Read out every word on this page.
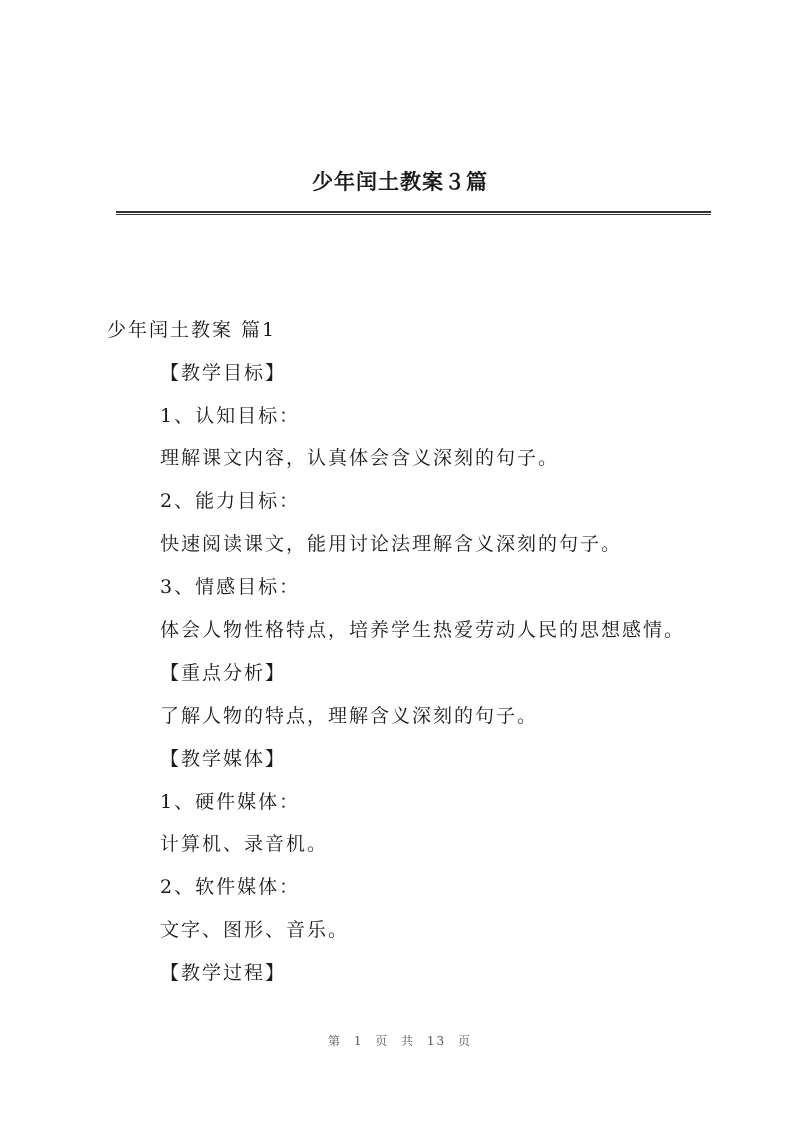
少年闰土教案３篇
少年闰土教案 篇1
【教学目标】
1、认知目标：
理解课文内容，认真体会含义深刻的句子。
2、能力目标：
快速阅读课文，能用讨论法理解含义深刻的句子。
3、情感目标：
体会人物性格特点，培养学生热爱劳动人民的思想感情。
【重点分析】
了解人物的特点，理解含义深刻的句子。
【教学媒体】
1、硬件媒体：
计算机、录音机。
2、软件媒体：
文字、图形、音乐。
【教学过程】
第 1 页 共 13 页
